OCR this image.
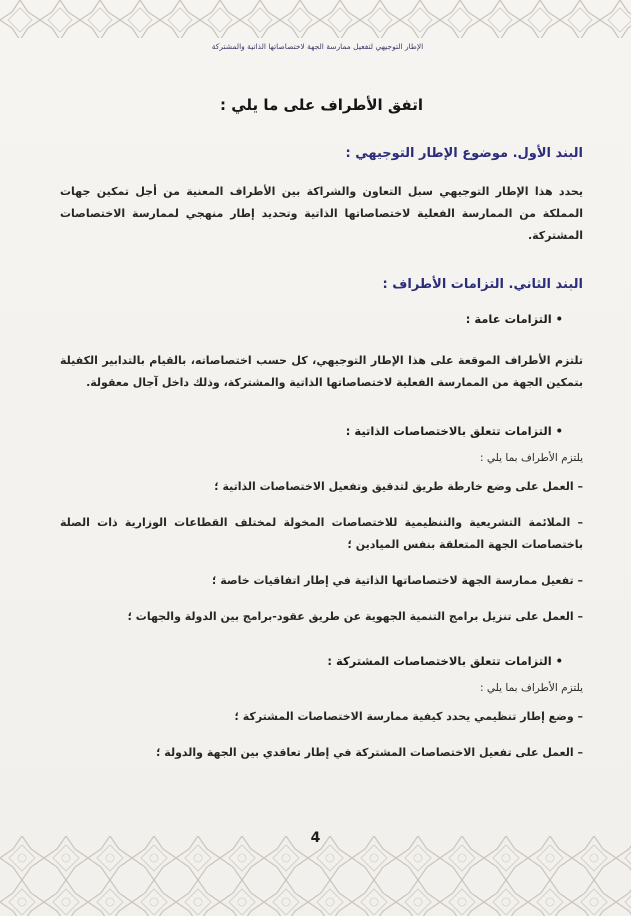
الإطار التوجيهي لتفعيل ممارسة الجهة لاختصاصاتها الذاتية والمشتركة
اتفق الأطراف على ما يلي :
البند الأول. موضوع الإطار التوجيهي :
يحدد هذا الإطار التوجيهي سبل التعاون والشراكة بين الأطراف المعنية من أجل تمكين جهات المملكة من الممارسة الفعلية لاختصاصاتها الذاتية وتحديد إطار منهجي لممارسة الاختصاصات المشتركة.
البند الثاني. التزامات الأطراف :
• التزامات عامة :
تلتزم الأطراف الموقعة على هذا الإطار التوجيهي، كل حسب اختصاصاته، بالقيام بالتدابير الكفيلة بتمكين الجهة من الممارسة الفعلية لاختصاصاتها الذاتية والمشتركة، وذلك داخل آجال معقولة.
• التزامات تتعلق بالاختصاصات الذاتية :
يلتزم الأطراف بما يلي :
– العمل على وضع خارطة طريق لتدقيق وتفعيل الاختصاصات الذاتية ؛
– الملائمة التشريعية والتنظيمية للاختصاصات المخولة لمختلف القطاعات الوزارية ذات الصلة باختصاصات الجهة المتعلقة بنفس الميادين ؛
– تفعيل ممارسة الجهة لاختصاصاتها الذاتية في إطار اتفاقيات خاصة ؛
– العمل على تنزيل برامج التنمية الجهوية عن طريق عقود-برامج بين الدولة والجهات ؛
• التزامات تتعلق بالاختصاصات المشتركة :
يلتزم الأطراف بما يلي :
– وضع إطار تنظيمي يحدد كيفية ممارسة الاختصاصات المشتركة ؛
– العمل على تفعيل الاختصاصات المشتركة في إطار تعاقدي بين الجهة والدولة ؛
